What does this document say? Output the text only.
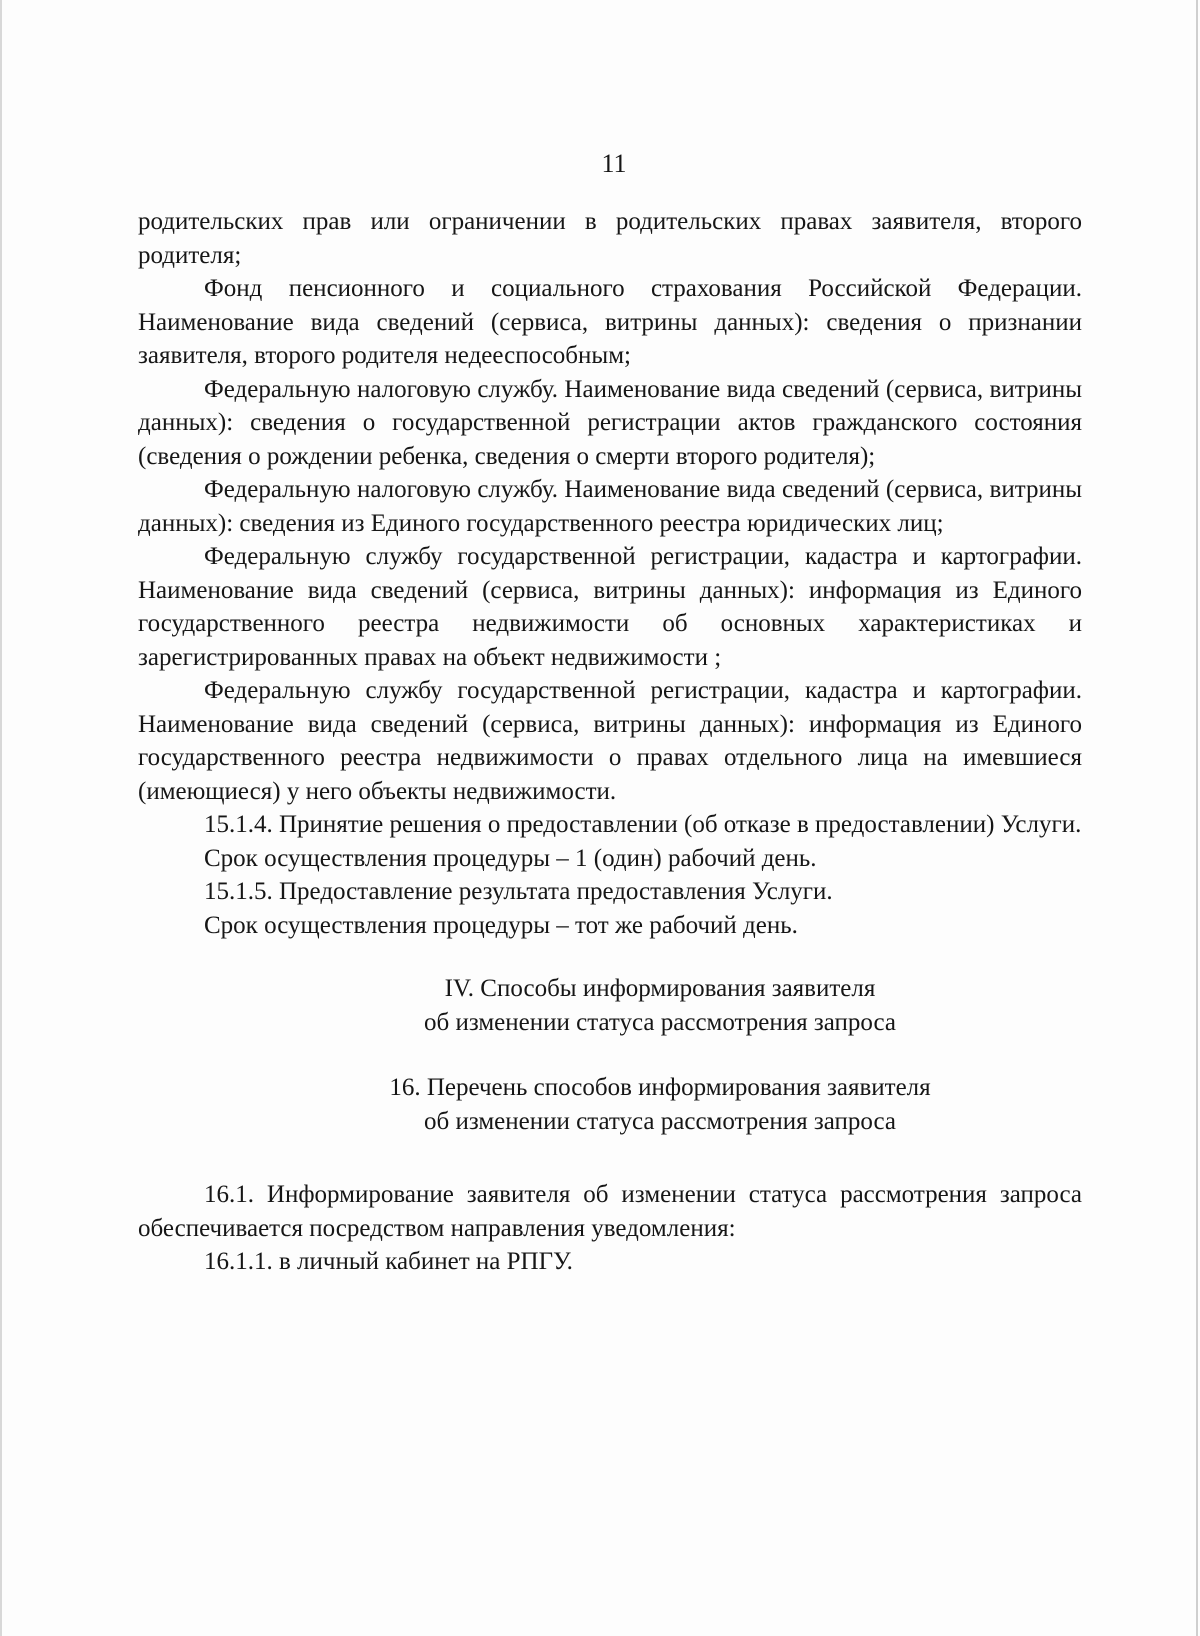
11

родительских прав или ограничении в родительских правах заявителя, второго родителя;

Фонд пенсионного и социального страхования Российской Федерации. Наименование вида сведений (сервиса, витрины данных): сведения о признании заявителя, второго родителя недееспособным;

Федеральную налоговую службу. Наименование вида сведений (сервиса, витрины данных): сведения о государственной регистрации актов гражданского состояния (сведения о рождении ребенка, сведения о смерти второго родителя);

Федеральную налоговую службу. Наименование вида сведений (сервиса, витрины данных): сведения из Единого государственного реестра юридических лиц;

Федеральную службу государственной регистрации, кадастра и картографии. Наименование вида сведений (сервиса, витрины данных): информация из Единого государственного реестра недвижимости об основных характеристиках и зарегистрированных правах на объект недвижимости ;

Федеральную службу государственной регистрации, кадастра и картографии. Наименование вида сведений (сервиса, витрины данных): информация из Единого государственного реестра недвижимости о правах отдельного лица на имевшиеся (имеющиеся) у него объекты недвижимости.

15.1.4. Принятие решения о предоставлении (об отказе в предоставлении) Услуги.

Срок осуществления процедуры – 1 (один) рабочий день.

15.1.5. Предоставление результата предоставления Услуги.

Срок осуществления процедуры – тот же рабочий день.

IV. Способы информирования заявителя

об изменении статуса рассмотрения запроса

16. Перечень способов информирования заявителя

об изменении статуса рассмотрения запроса

16.1. Информирование заявителя об изменении статуса рассмотрения запроса обеспечивается посредством направления уведомления:

16.1.1. в личный кабинет на РПГУ.
